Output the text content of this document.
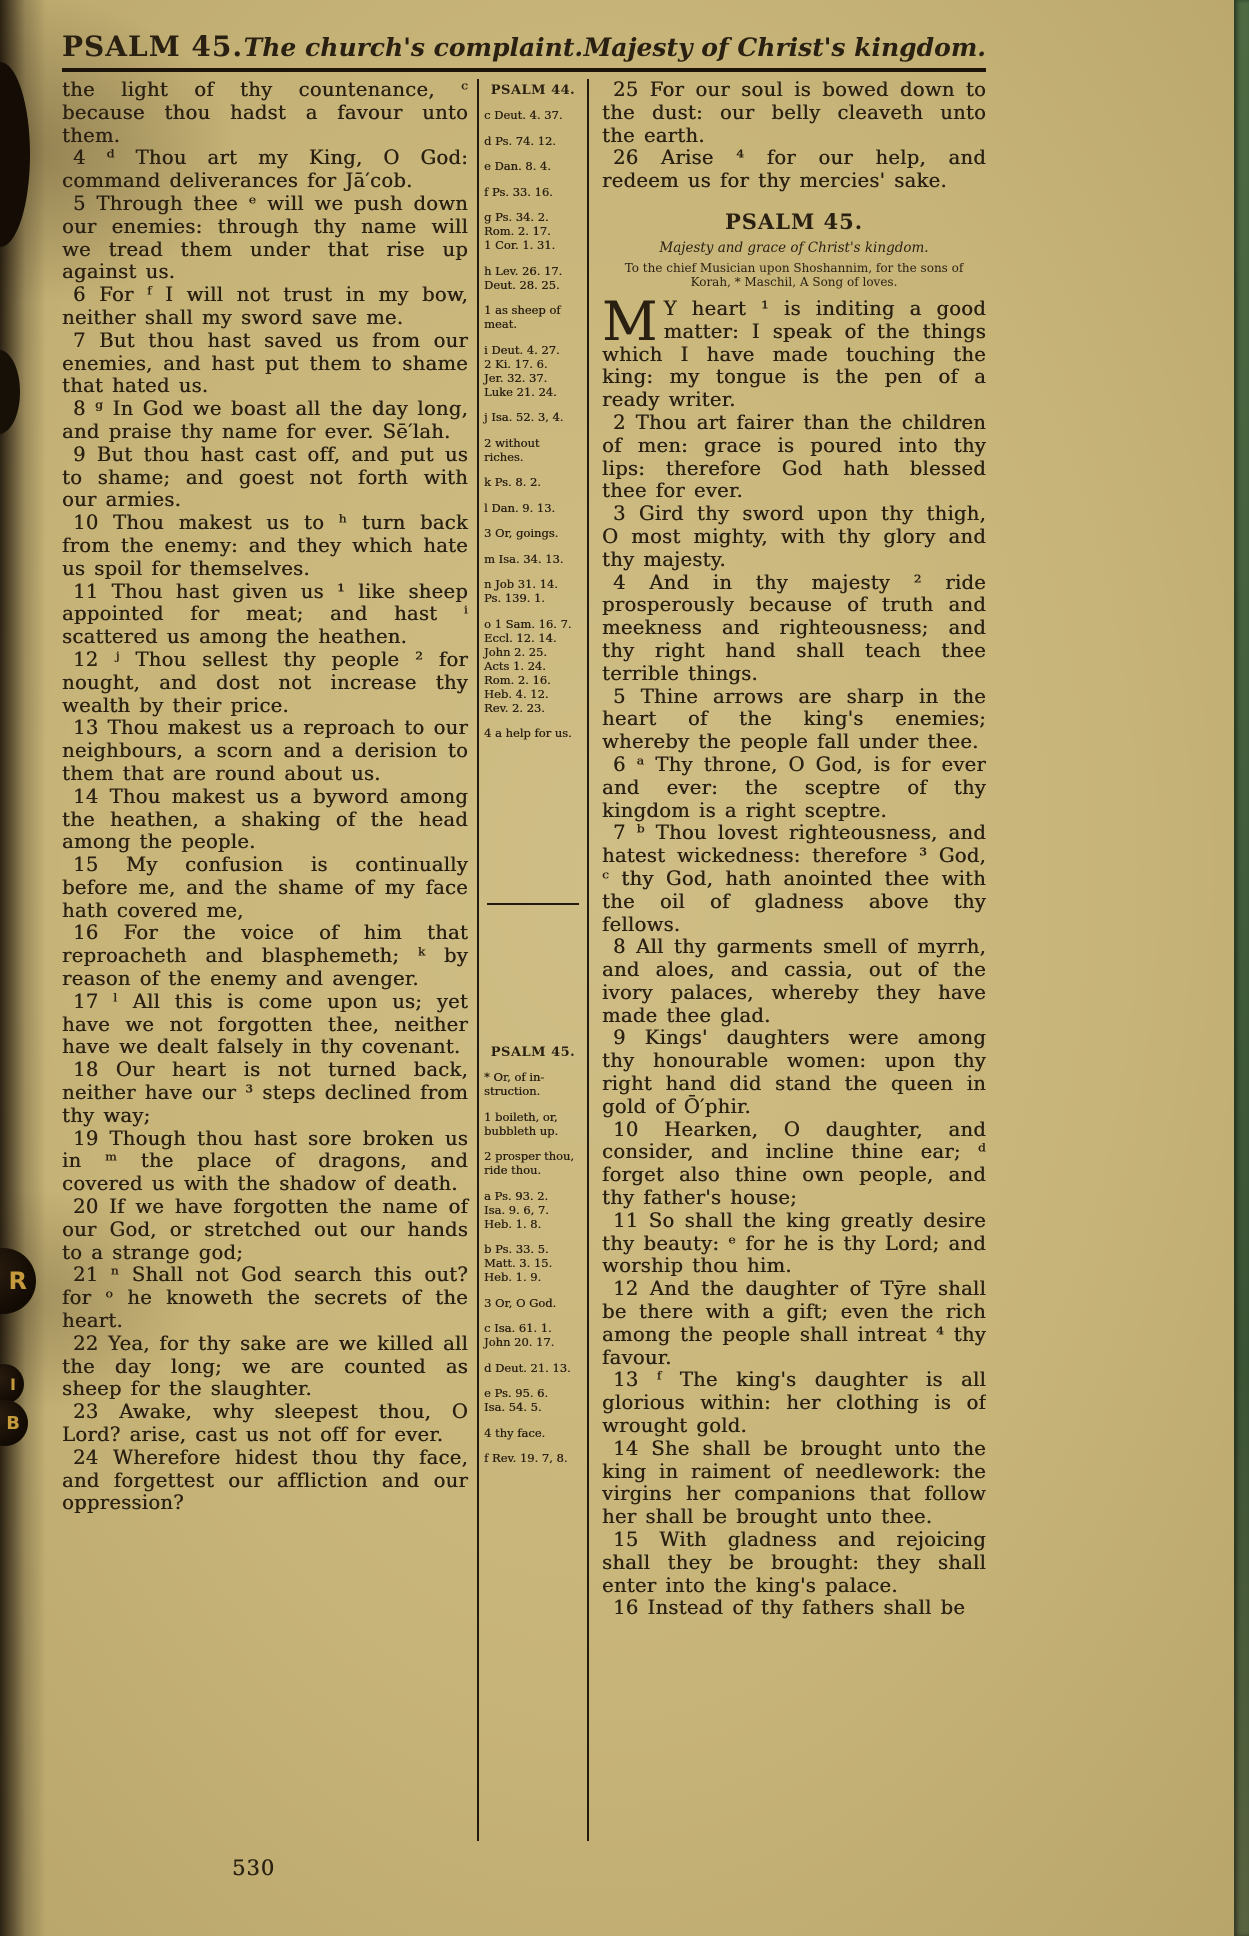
R
I
B
PSALM 45. The church's complaint. Majesty of Christ's kingdom.

the light of thy countenance, ᶜ because thou hadst a favour unto them.

4 ᵈ Thou art my King, O God: command deliverances for Jā′cob.

5 Through thee ᵉ will we push down our enemies: through thy name will we tread them under that rise up against us.

6 For ᶠ I will not trust in my bow, neither shall my sword save me.

7 But thou hast saved us from our enemies, and hast put them to shame that hated us.

8 ᵍ In God we boast all the day long, and praise thy name for ever. Sē′lah.

9 But thou hast cast off, and put us to shame; and goest not forth with our armies.

10 Thou makest us to ʰ turn back from the enemy: and they which hate us spoil for themselves.

11 Thou hast given us ¹ like sheep appointed for meat; and hast ⁱ scattered us among the heathen.

12 ʲ Thou sellest thy people ² for nought, and dost not increase thy wealth by their price.

13 Thou makest us a reproach to our neighbours, a scorn and a derision to them that are round about us.

14 Thou makest us a byword among the heathen, a shaking of the head among the people.

15 My confusion is continually before me, and the shame of my face hath covered me,

16 For the voice of him that reproacheth and blasphemeth; ᵏ by reason of the enemy and avenger.

17 ˡ All this is come upon us; yet have we not forgotten thee, neither have we dealt falsely in thy covenant.

18 Our heart is not turned back, neither have our ³ steps declined from thy way;

19 Though thou hast sore broken us in ᵐ the place of dragons, and covered us with the shadow of death.

20 If we have forgotten the name of our God, or stretched out our hands to a strange god;

21 ⁿ Shall not God search this out? for ᵒ he knoweth the secrets of the heart.

22 Yea, for thy sake are we killed all the day long; we are counted as sheep for the slaughter.

23 Awake, why sleepest thou, O Lord? arise, cast us not off for ever.

24 Wherefore hidest thou thy face, and forgettest our affliction and our oppression?

PSALM 44.
c Deut. 4. 37.
d Ps. 74. 12.
e Dan. 8. 4.
f Ps. 33. 16.
g Ps. 34. 2.
Rom. 2. 17.
1 Cor. 1. 31.
h Lev. 26. 17.
Deut. 28. 25.
1 as sheep of
meat.
i Deut. 4. 27.
2 Ki. 17. 6.
Jer. 32. 37.
Luke 21. 24.
j Isa. 52. 3, 4.
2 without
riches.
k Ps. 8. 2.
l Dan. 9. 13.
3 Or, goings.
m Isa. 34. 13.
n Job 31. 14.
Ps. 139. 1.
o 1 Sam. 16. 7.
Eccl. 12. 14.
John 2. 25.
Acts 1. 24.
Rom. 2. 16.
Heb. 4. 12.
Rev. 2. 23.
4 a help for us.
PSALM 45.
* Or, of in-
struction.
1 boileth, or,
bubbleth up.
2 prosper thou,
ride thou.
a Ps. 93. 2.
Isa. 9. 6, 7.
Heb. 1. 8.
b Ps. 33. 5.
Matt. 3. 15.
Heb. 1. 9.
3 Or, O God.
c Isa. 61. 1.
John 20. 17.
d Deut. 21. 13.
e Ps. 95. 6.
Isa. 54. 5.
4 thy face.
f Rev. 19. 7, 8.

25 For our soul is bowed down to the dust: our belly cleaveth unto the earth.

26 Arise ⁴ for our help, and redeem us for thy mercies' sake.

PSALM 45.
Majesty and grace of Christ's kingdom.
To the chief Musician upon Shoshannim, for the sons of Korah, * Maschil, A Song of loves.

MY heart ¹ is inditing a good matter: I speak of the things which I have made touching the king: my tongue is the pen of a ready writer.

2 Thou art fairer than the children of men: grace is poured into thy lips: therefore God hath blessed thee for ever.

3 Gird thy sword upon thy thigh, O most mighty, with thy glory and thy majesty.

4 And in thy majesty ² ride prosperously because of truth and meekness and righteousness; and thy right hand shall teach thee terrible things.

5 Thine arrows are sharp in the heart of the king's enemies; whereby the people fall under thee.

6 ᵃ Thy throne, O God, is for ever and ever: the sceptre of thy kingdom is a right sceptre.

7 ᵇ Thou lovest righteousness, and hatest wickedness: therefore ³ God, ᶜ thy God, hath anointed thee with the oil of gladness above thy fellows.

8 All thy garments smell of myrrh, and aloes, and cassia, out of the ivory palaces, whereby they have made thee glad.

9 Kings' daughters were among thy honourable women: upon thy right hand did stand the queen in gold of Ō′phir.

10 Hearken, O daughter, and consider, and incline thine ear; ᵈ forget also thine own people, and thy father's house;

11 So shall the king greatly desire thy beauty: ᵉ for he is thy Lord; and worship thou him.

12 And the daughter of Tȳre shall be there with a gift; even the rich among the people shall intreat ⁴ thy favour.

13 ᶠ The king's daughter is all glorious within: her clothing is of wrought gold.

14 She shall be brought unto the king in raiment of needlework: the virgins her companions that follow her shall be brought unto thee.

15 With gladness and rejoicing shall they be brought: they shall enter into the king's palace.

16 Instead of thy fathers shall be

530
